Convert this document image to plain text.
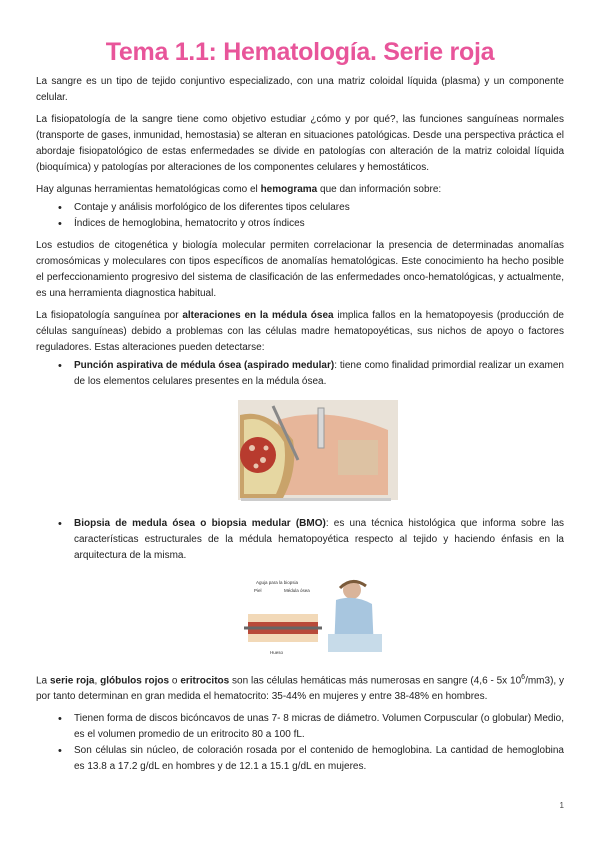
Tema 1.1: Hematología. Serie roja

La sangre es un tipo de tejido conjuntivo especializado, con una matriz coloidal líquida (plasma) y un componente celular.

La fisiopatología de la sangre tiene como objetivo estudiar ¿cómo y por qué?, las funciones sanguíneas normales (transporte de gases, inmunidad, hemostasia) se alteran en situaciones patológicas. Desde una perspectiva práctica el abordaje fisiopatológico de estas enfermedades se divide en patologías con alteración de la matriz coloidal líquida (bioquímica) y patologías por alteraciones de los componentes celulares y hemostáticos.

Hay algunas herramientas hematológicas como el hemograma que dan información sobre:

• Contaje y análisis morfológico de los diferentes tipos celulares
• Índices de hemoglobina, hematocrito y otros índices

Los estudios de citogenética y biología molecular permiten correlacionar la presencia de determinadas anomalías cromosómicas y moleculares con tipos específicos de anomalías hematológicas. Este conocimiento ha hecho posible el perfeccionamiento progresivo del sistema de clasificación de las enfermedades onco-hematológicas, y actualmente, es una herramienta diagnostica habitual.

La fisiopatología sanguínea por alteraciones en la médula ósea implica fallos en la hematopoyesis (producción de células sanguíneas) debido a problemas con las células madre hematopoyéticas, sus nichos de apoyo o factores reguladores. Estas alteraciones pueden detectarse:

• Punción aspirativa de médula ósea (aspirado medular): tiene como finalidad primordial realizar un examen de los elementos celulares presentes en la médula ósea.
• Biopsia de medula ósea o biopsia medular (BMO): es una técnica histológica que informa sobre las características estructurales de la médula hematopoyética respecto al tejido y haciendo énfasis en la arquitectura de la misma.
Aguja para la biopsia
Piel	Médula ósea
Hueso

La serie roja, glóbulos rojos o eritrocitos son las células hemáticas más numerosas en sangre (4,6 - 5x $10^6/mm3$), y por tanto determinan en gran medida el hematocrito: 35-44% en mujeres y entre 38-48% en hombres.

• Tienen forma de discos bicóncavos de unas 7- 8 micras de diámetro. Volumen Corpuscular (o globular) Medio, es el volumen promedio de un eritrocito 80 a 100 fL.
• Son células sin núcleo, de coloración rosada por el contenido de hemoglobina. La cantidad de hemoglobina es 13.8 a 17.2 g/dL en hombres y de 12.1 a 15.1 g/dL en mujeres.
1
